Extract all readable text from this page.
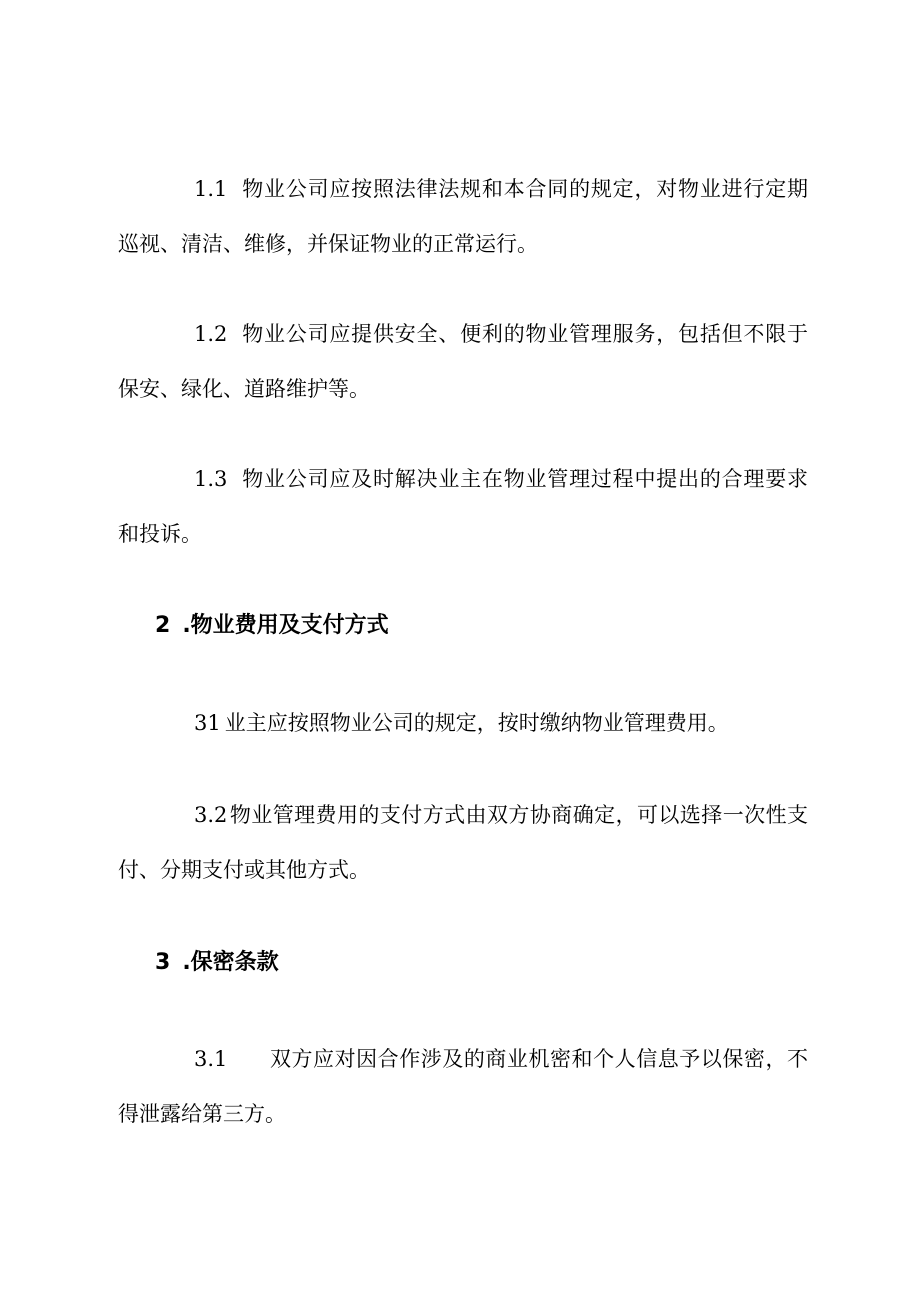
1.1 物业公司应按照法律法规和本合同的规定，对物业进行定期巡视、清洁、维修，并保证物业的正常运行。

1.2 物业公司应提供安全、便利的物业管理服务，包括但不限于保安、绿化、道路维护等。

1.3 物业公司应及时解决业主在物业管理过程中提出的合理要求和投诉。

2 .物业费用及支付方式

31 业主应按照物业公司的规定，按时缴纳物业管理费用。

3.2物业管理费用的支付方式由双方协商确定，可以选择一次性支付、分期支付或其他方式。

3 .保密条款

3.1 双方应对因合作涉及的商业机密和个人信息予以保密，不得泄露给第三方。
